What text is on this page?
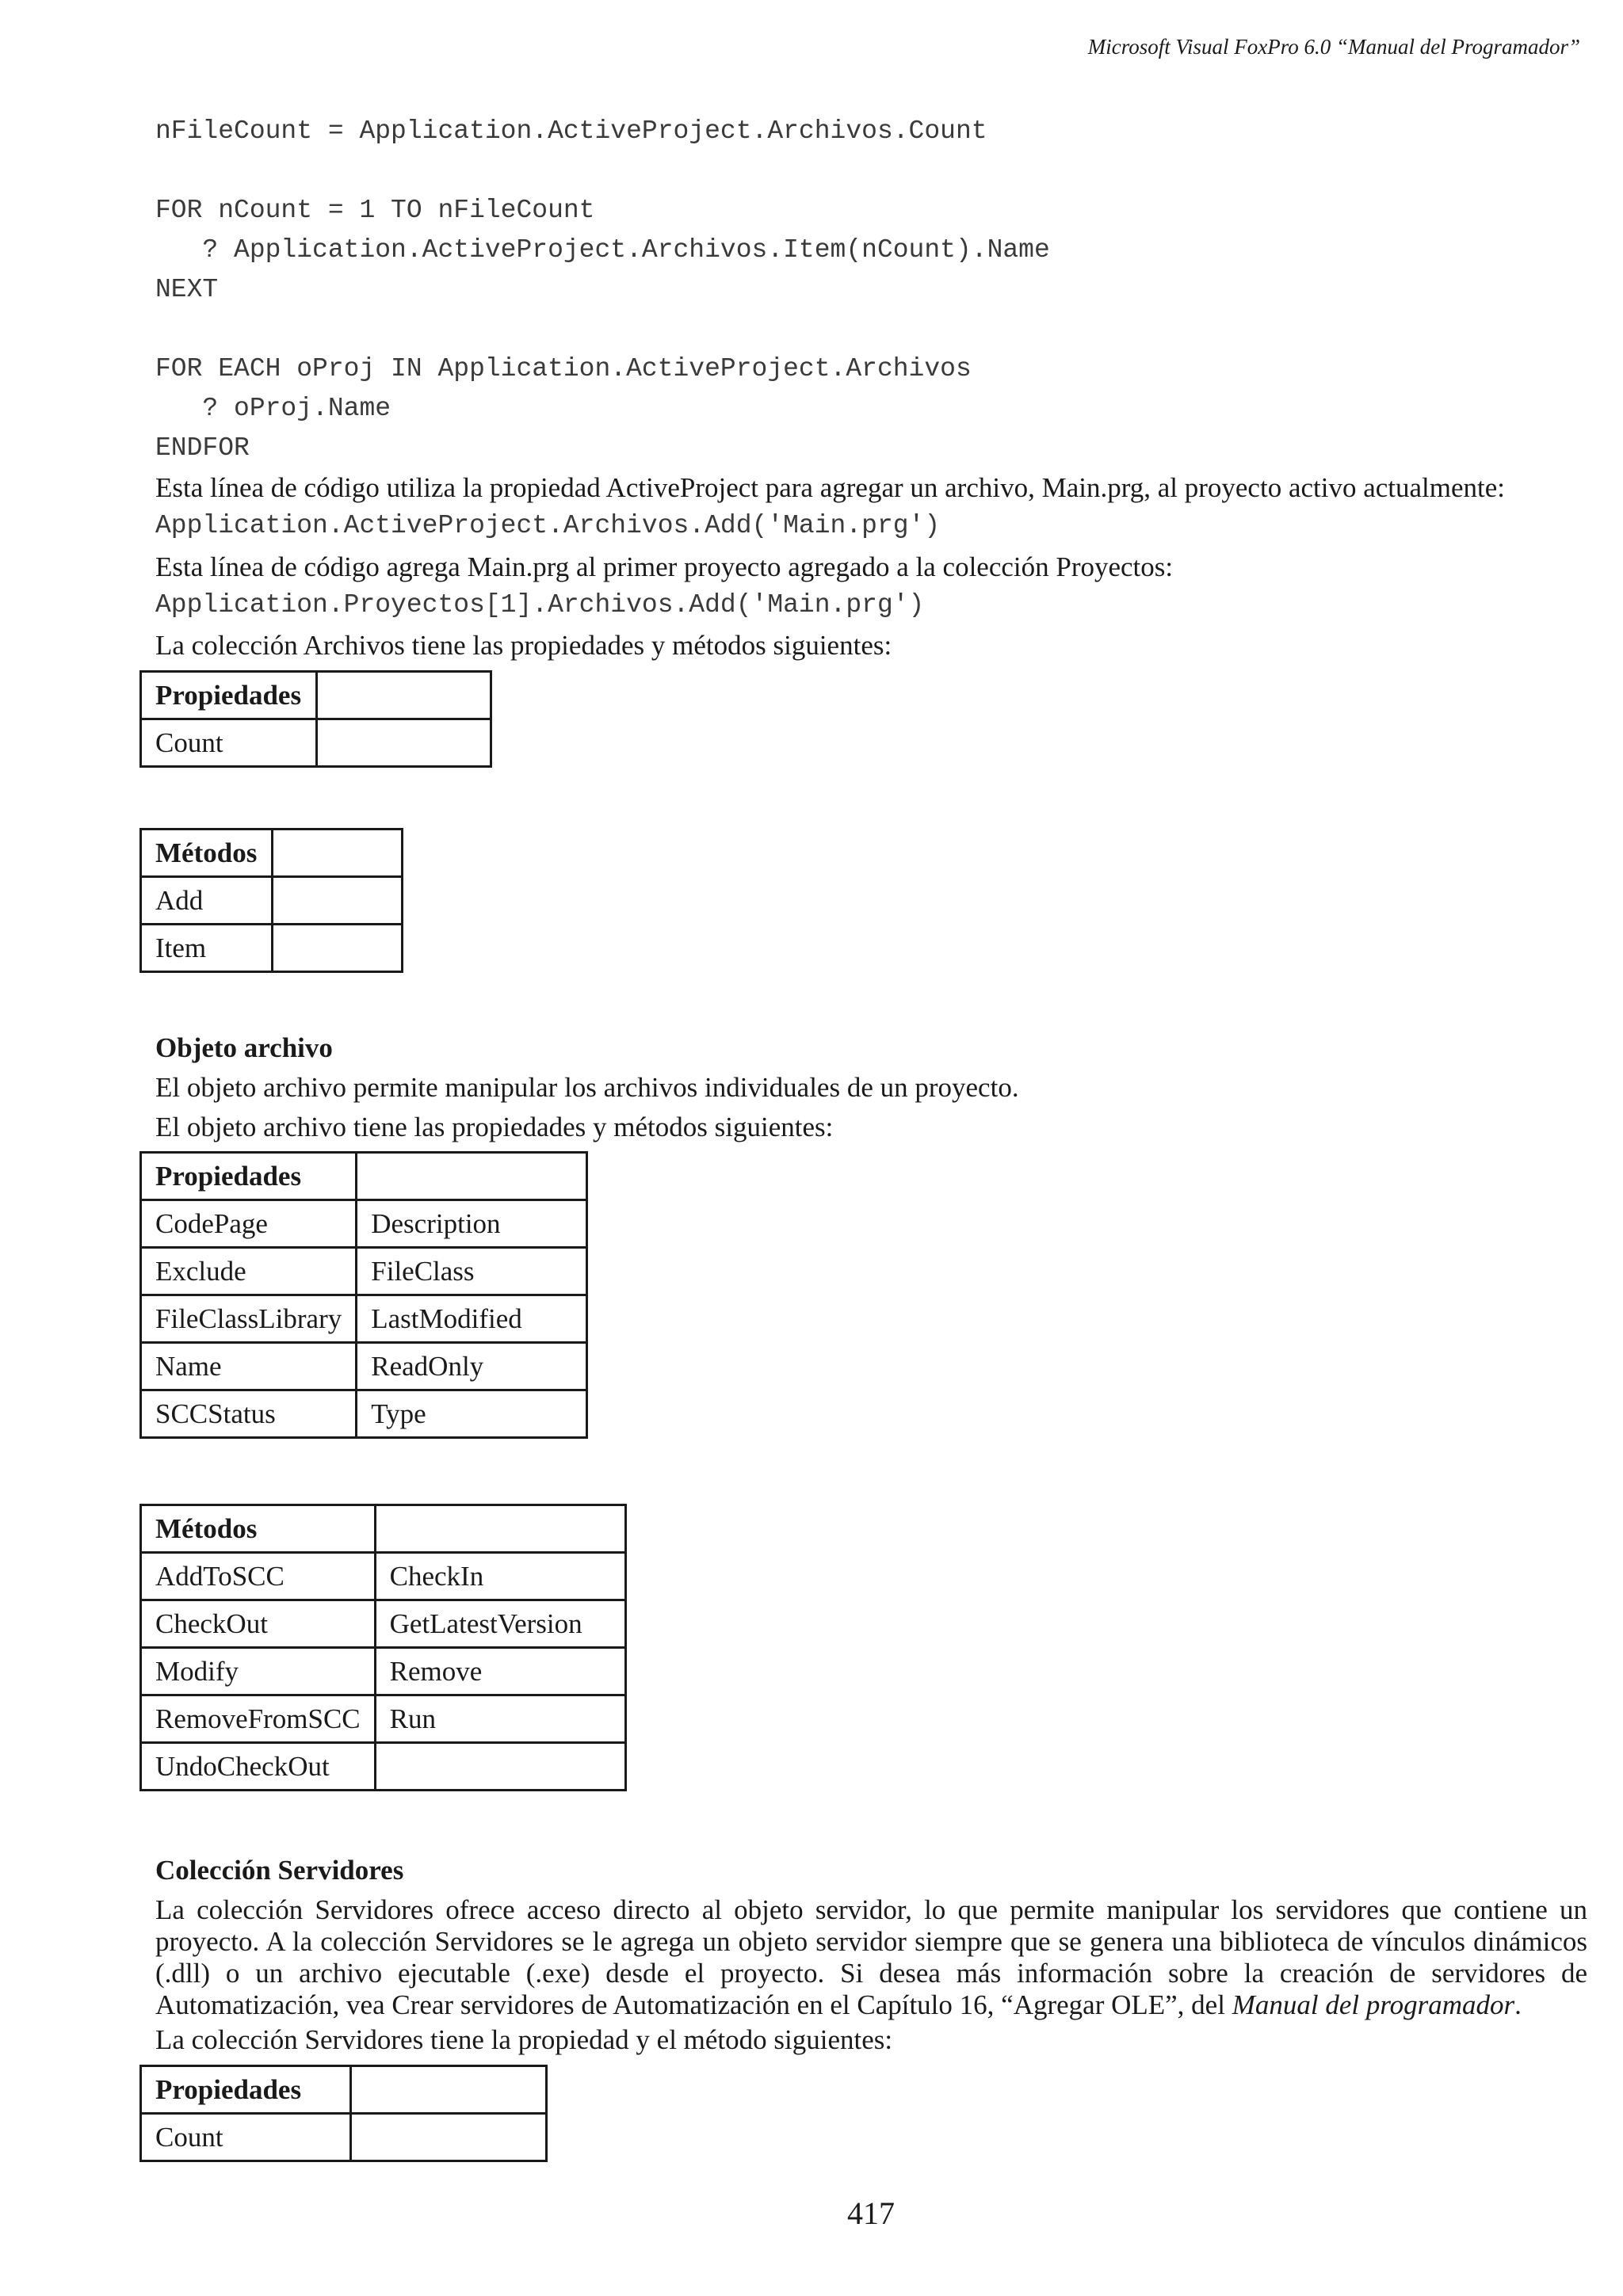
Microsoft Visual FoxPro 6.0 “Manual del Programador”
nFileCount = Application.ActiveProject.Archivos.Count

FOR nCount = 1 TO nFileCount
? Application.ActiveProject.Archivos.Item(nCount).Name
NEXT

FOR EACH oProj IN Application.ActiveProject.Archivos
? oProj.Name
ENDFOR
Esta línea de código utiliza la propiedad ActiveProject para agregar un archivo, Main.prg, al proyecto activo actualmente:
Application.ActiveProject.Archivos.Add('Main.prg')
Esta línea de código agrega Main.prg al primer proyecto agregado a la colección Proyectos:
Application.Proyectos[1].Archivos.Add('Main.prg')
La colección Archivos tiene las propiedades y métodos siguientes:
Propiedades	
Count	
Métodos	
Add	
Item	
Objeto archivo
El objeto archivo permite manipular los archivos individuales de un proyecto.
El objeto archivo tiene las propiedades y métodos siguientes:
Propiedades	
CodePage	Description
Exclude	FileClass
FileClassLibrary	LastModified
Name	ReadOnly
SCCStatus	Type
Métodos	
AddToSCC	CheckIn
CheckOut	GetLatestVersion
Modify	Remove
RemoveFromSCC	Run
UndoCheckOut	
Colección Servidores
La colección Servidores ofrece acceso directo al objeto servidor, lo que permite manipular los servidores que contiene un proyecto. A la colección Servidores se le agrega un objeto servidor siempre que se genera una biblioteca de vínculos dinámicos (.dll) o un archivo ejecutable (.exe) desde el proyecto. Si desea más información sobre la creación de servidores de Automatización, vea Crear servidores de Automatización en el Capítulo 16, “Agregar OLE”, del Manual del programador.
La colección Servidores tiene la propiedad y el método siguientes:
Propiedades	
Count	
417
